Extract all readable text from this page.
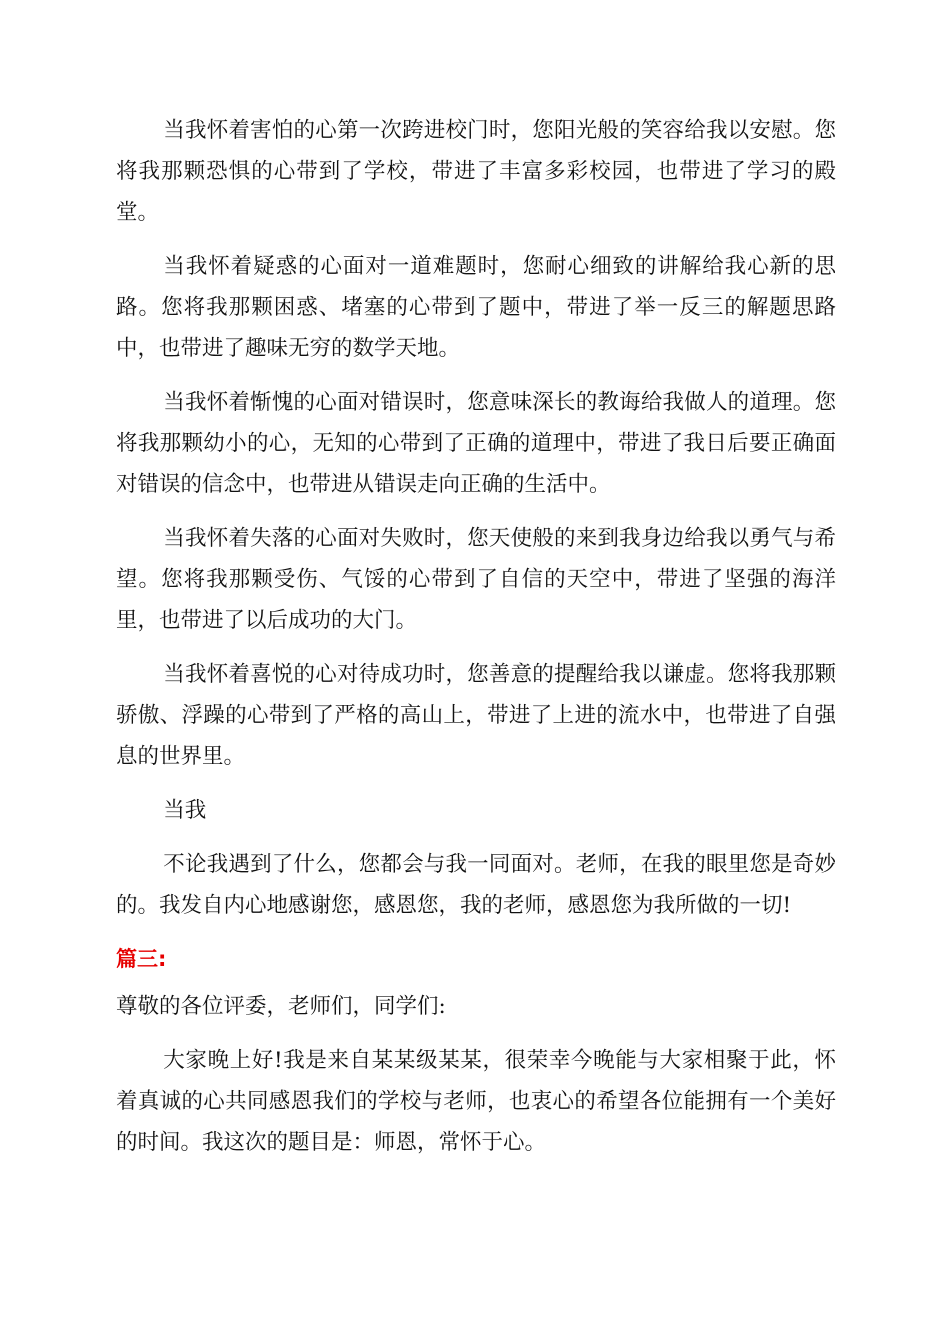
当我怀着害怕的心第一次跨进校门时，您阳光般的笑容给我以安慰。您将我那颗恐惧的心带到了学校，带进了丰富多彩校园，也带进了学习的殿堂。

当我怀着疑惑的心面对一道难题时，您耐心细致的讲解给我心新的思路。您将我那颗困惑、堵塞的心带到了题中，带进了举一反三的解题思路中，也带进了趣味无穷的数学天地。

当我怀着惭愧的心面对错误时，您意味深长的教诲给我做人的道理。您将我那颗幼小的心，无知的心带到了正确的道理中，带进了我日后要正确面对错误的信念中，也带进从错误走向正确的生活中。

当我怀着失落的心面对失败时，您天使般的来到我身边给我以勇气与希望。您将我那颗受伤、气馁的心带到了自信的天空中，带进了坚强的海洋里，也带进了以后成功的大门。

当我怀着喜悦的心对待成功时，您善意的提醒给我以谦虚。您将我那颗骄傲、浮躁的心带到了严格的高山上，带进了上进的流水中，也带进了自强息的世界里。

当我

不论我遇到了什么，您都会与我一同面对。老师，在我的眼里您是奇妙的。我发自内心地感谢您，感恩您，我的老师，感恩您为我所做的一切!

篇三:

尊敬的各位评委，老师们，同学们:

大家晚上好!我是来自某某级某某，很荣幸今晚能与大家相聚于此，怀着真诚的心共同感恩我们的学校与老师，也衷心的希望各位能拥有一个美好的时间。我这次的题目是：师恩，常怀于心。
